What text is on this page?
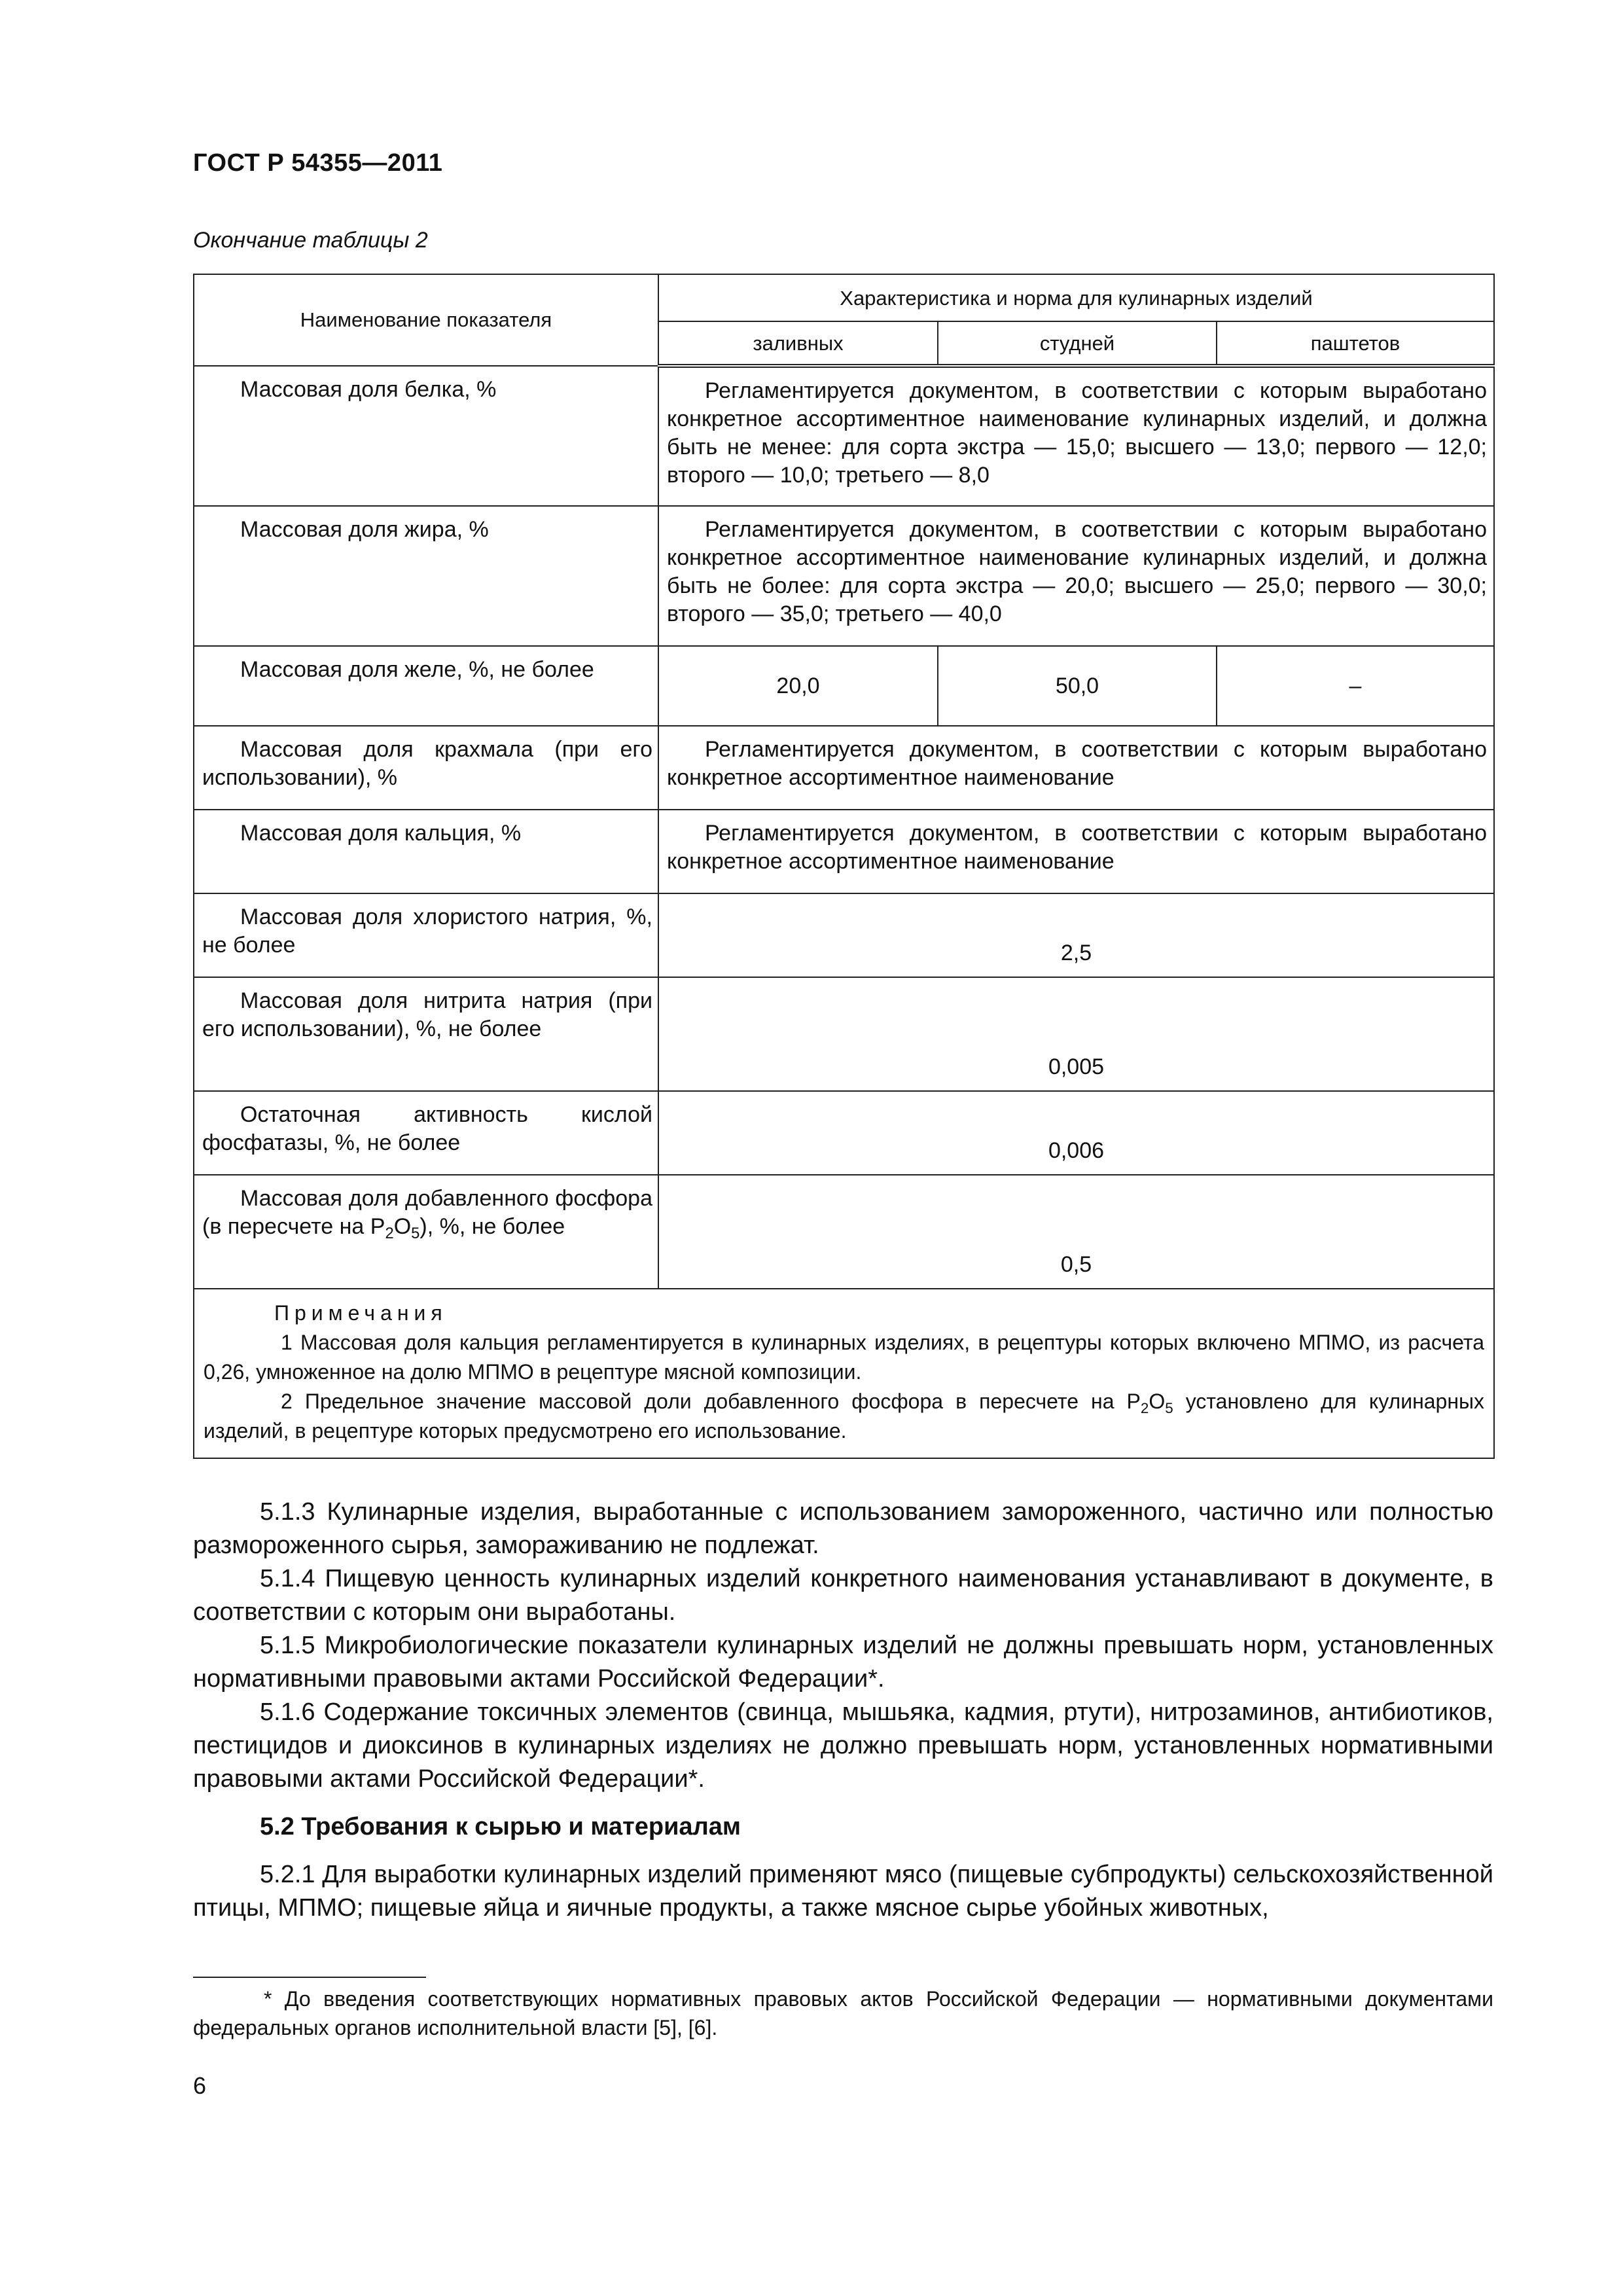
ГОСТ Р 54355—2011
Окончание таблицы 2
Наименование показателя	Характеристика и норма для кулинарных изделий		
	заливных	студней	паштетов
Массовая доля белка, %	Регламентируется документом, в соответствии с которым выработано конкретное ассортиментное наименование кулинарных изделий, и должна быть не менее: для сорта экстра — 15,0; высшего — 13,0; первого — 12,0; второго — 10,0; третьего — 8,0		
Массовая доля жира, %	Регламентируется документом, в соответствии с которым выработано конкретное ассортиментное наименование кулинарных изделий, и должна быть не более: для сорта экстра — 20,0; высшего — 25,0; первого — 30,0; второго — 35,0; третьего — 40,0		
Массовая доля желе, %, не более	20,0	50,0	–
Массовая доля крахмала (при его использовании), %	Регламентируется документом, в соответствии с которым выработано конкретное ассортиментное наименование		
Массовая доля кальция, %	Регламентируется документом, в соответствии с которым выработано конкретное ассортиментное наименование		
Массовая доля хлористого натрия, %, не более	2,5		
Массовая доля нитрита натрия (при его использовании), %, не более	0,005		
Остаточная активность кислой фосфатазы, %, не более	0,006		
Массовая доля добавленного фосфора (в пересчете на $P_2O_5$), %, не более	0,5		

Примечания

1 Массовая доля кальция регламентируется в кулинарных изделиях, в рецептуры которых включено МПМО, из расчета 0,26, умноженное на долю МПМО в рецептуре мясной композиции.

2 Предельное значение массовой доли добавленного фосфора в пересчете на $P_2O_5$ установлено для кулинарных изделий, в рецептуре которых предусмотрено его использование.			

5.1.3 Кулинарные изделия, выработанные с использованием замороженного, частично или полностью размороженного сырья, замораживанию не подлежат.

5.1.4 Пищевую ценность кулинарных изделий конкретного наименования устанавливают в документе, в соответствии с которым они выработаны.

5.1.5 Микробиологические показатели кулинарных изделий не должны превышать норм, установленных нормативными правовыми актами Российской Федерации*.

5.1.6 Содержание токсичных элементов (свинца, мышьяка, кадмия, ртути), нитрозаминов, антибиотиков, пестицидов и диоксинов в кулинарных изделиях не должно превышать норм, установленных нормативными правовыми актами Российской Федерации*.

5.2 Требования к сырью и материалам

5.2.1 Для выработки кулинарных изделий применяют мясо (пищевые субпродукты) сельскохозяйственной птицы, МПМО; пищевые яйца и яичные продукты, а также мясное сырье убойных животных,

* До введения соответствующих нормативных правовых актов Российской Федерации — нормативными документами федеральных органов исполнительной власти [5], [6].

6
